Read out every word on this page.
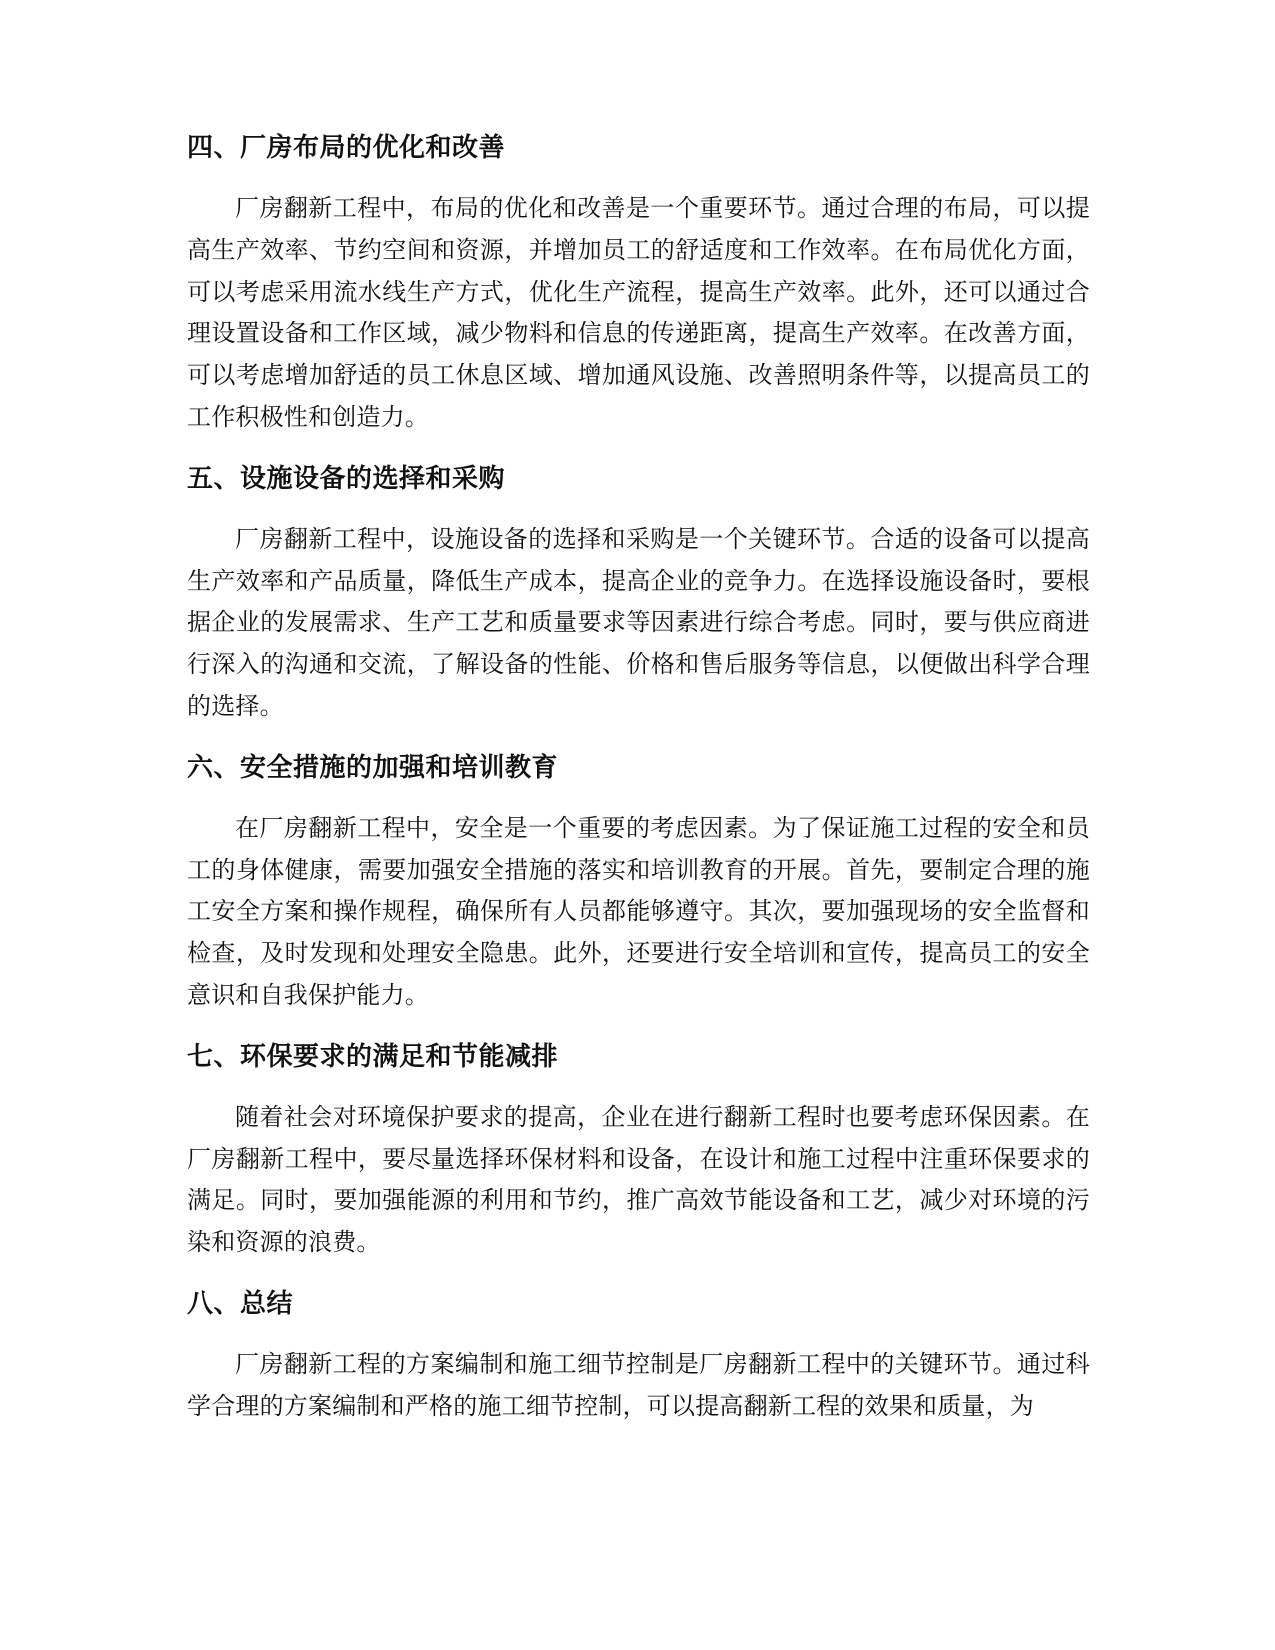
四、厂房布局的优化和改善

厂房翻新工程中，布局的优化和改善是一个重要环节。通过合理的布局，可以提高生产效率、节约空间和资源，并增加员工的舒适度和工作效率。在布局优化方面，可以考虑采用流水线生产方式，优化生产流程，提高生产效率。此外，还可以通过合理设置设备和工作区域，减少物料和信息的传递距离，提高生产效率。在改善方面，可以考虑增加舒适的员工休息区域、增加通风设施、改善照明条件等，以提高员工的工作积极性和创造力。

五、设施设备的选择和采购

厂房翻新工程中，设施设备的选择和采购是一个关键环节。合适的设备可以提高生产效率和产品质量，降低生产成本，提高企业的竞争力。在选择设施设备时，要根据企业的发展需求、生产工艺和质量要求等因素进行综合考虑。同时，要与供应商进行深入的沟通和交流，了解设备的性能、价格和售后服务等信息，以便做出科学合理的选择。

六、安全措施的加强和培训教育

在厂房翻新工程中，安全是一个重要的考虑因素。为了保证施工过程的安全和员工的身体健康，需要加强安全措施的落实和培训教育的开展。首先，要制定合理的施工安全方案和操作规程，确保所有人员都能够遵守。其次，要加强现场的安全监督和检查，及时发现和处理安全隐患。此外，还要进行安全培训和宣传，提高员工的安全意识和自我保护能力。

七、环保要求的满足和节能减排

随着社会对环境保护要求的提高，企业在进行翻新工程时也要考虑环保因素。在厂房翻新工程中，要尽量选择环保材料和设备，在设计和施工过程中注重环保要求的满足。同时，要加强能源的利用和节约，推广高效节能设备和工艺，减少对环境的污染和资源的浪费。

八、总结

厂房翻新工程的方案编制和施工细节控制是厂房翻新工程中的关键环节。通过科学合理的方案编制和严格的施工细节控制，可以提高翻新工程的效果和质量，为
